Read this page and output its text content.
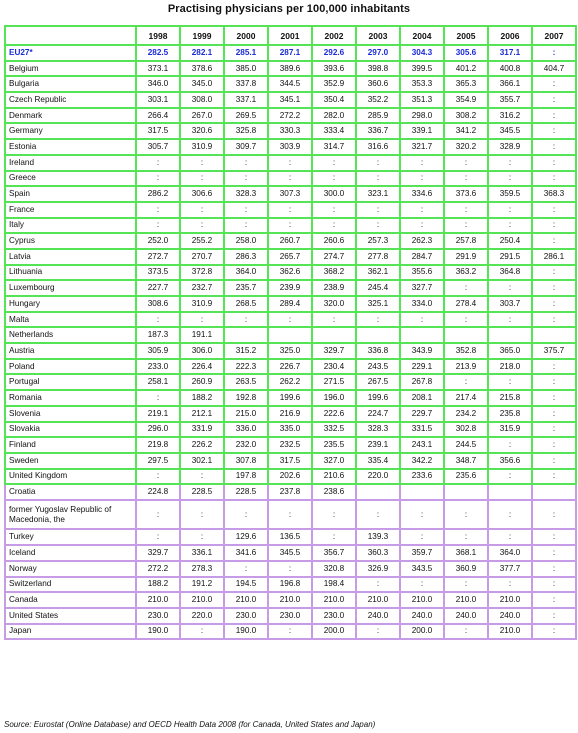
Practising physicians per 100,000 inhabitants
	1998	1999	2000	2001	2002	2003	2004	2005	2006	2007
EU27*	282.5	282.1	285.1	287.1	292.6	297.0	304.3	305.6	317.1	:
Belgium	373.1	378.6	385.0	389.6	393.6	398.8	399.5	401.2	400.8	404.7
Bulgaria	346.0	345.0	337.8	344.5	352.9	360.6	353.3	365.3	366.1	:
Czech Republic	303.1	308.0	337.1	345.1	350.4	352.2	351.3	354.9	355.7	:
Denmark	266.4	267.0	269.5	272.2	282.0	285.9	298.0	308.2	316.2	:
Germany	317.5	320.6	325.8	330.3	333.4	336.7	339.1	341.2	345.5	:
Estonia	305.7	310.9	309.7	303.9	314.7	316.6	321.7	320.2	328.9	:
Ireland	:	:	:	:	:	:	:	:	:	:
Greece	:	:	:	:	:	:	:	:	:	:
Spain	286.2	306.6	328.3	307.3	300.0	323.1	334.6	373.6	359.5	368.3
France	:	:	:	:	:	:	:	:	:	:
Italy	:	:	:	:	:	:	:	:	:	:
Cyprus	252.0	255.2	258.0	260.7	260.6	257.3	262.3	257.8	250.4	:
Latvia	272.7	270.7	286.3	265.7	274.7	277.8	284.7	291.9	291.5	286.1
Lithuania	373.5	372.8	364.0	362.6	368.2	362.1	355.6	363.2	364.8	:
Luxembourg	227.7	232.7	235.7	239.9	238.9	245.4	327.7	:	:	:
Hungary	308.6	310.9	268.5	289.4	320.0	325.1	334.0	278.4	303.7	:
Malta	:	:	:	:	:	:	:	:	:	:
Netherlands	187.3	191.1								
Austria	305.9	306.0	315.2	325.0	329.7	336.8	343.9	352.8	365.0	375.7
Poland	233.0	226.4	222.3	226.7	230.4	243.5	229.1	213.9	218.0	:
Portugal	258.1	260.9	263.5	262.2	271.5	267.5	267.8	:	:	:
Romania	:	188.2	192.8	199.6	196.0	199.6	208.1	217.4	215.8	:
Slovenia	219.1	212.1	215.0	216.9	222.6	224.7	229.7	234.2	235.8	:
Slovakia	296.0	331.9	336.0	335.0	332.5	328.3	331.5	302.8	315.9	:
Finland	219.8	226.2	232.0	232.5	235.5	239.1	243.1	244.5	:	:
Sweden	297.5	302.1	307.8	317.5	327.0	335.4	342.2	348.7	356.6	:
United Kingdom	:	:	197.8	202.6	210.6	220.0	233.6	235.6	:	:
Croatia	224.8	228.5	228.5	237.8	238.6					
former Yugoslav Republic of Macedonia, the	:	:	:	:	:	:	:	:	:	:
Turkey	:	:	129.6	136.5	:	139.3	:	:	:	:
Iceland	329.7	336.1	341.6	345.5	356.7	360.3	359.7	368.1	364.0	:
Norway	272.2	278.3	:	:	320.8	326.9	343.5	360.9	377.7	:
Switzerland	188.2	191.2	194.5	196.8	198.4	:	:	:	:	:
Canada	210.0	210.0	210.0	210.0	210.0	210.0	210.0	210.0	210.0	:
United States	230.0	220.0	230.0	230.0	230.0	240.0	240.0	240.0	240.0	:
Japan	190.0	:	190.0	:	200.0	:	200.0	:	210.0	:
Source: Eurostat (Online Database) and OECD Health Data 2008 (for Canada, United States and Japan)
